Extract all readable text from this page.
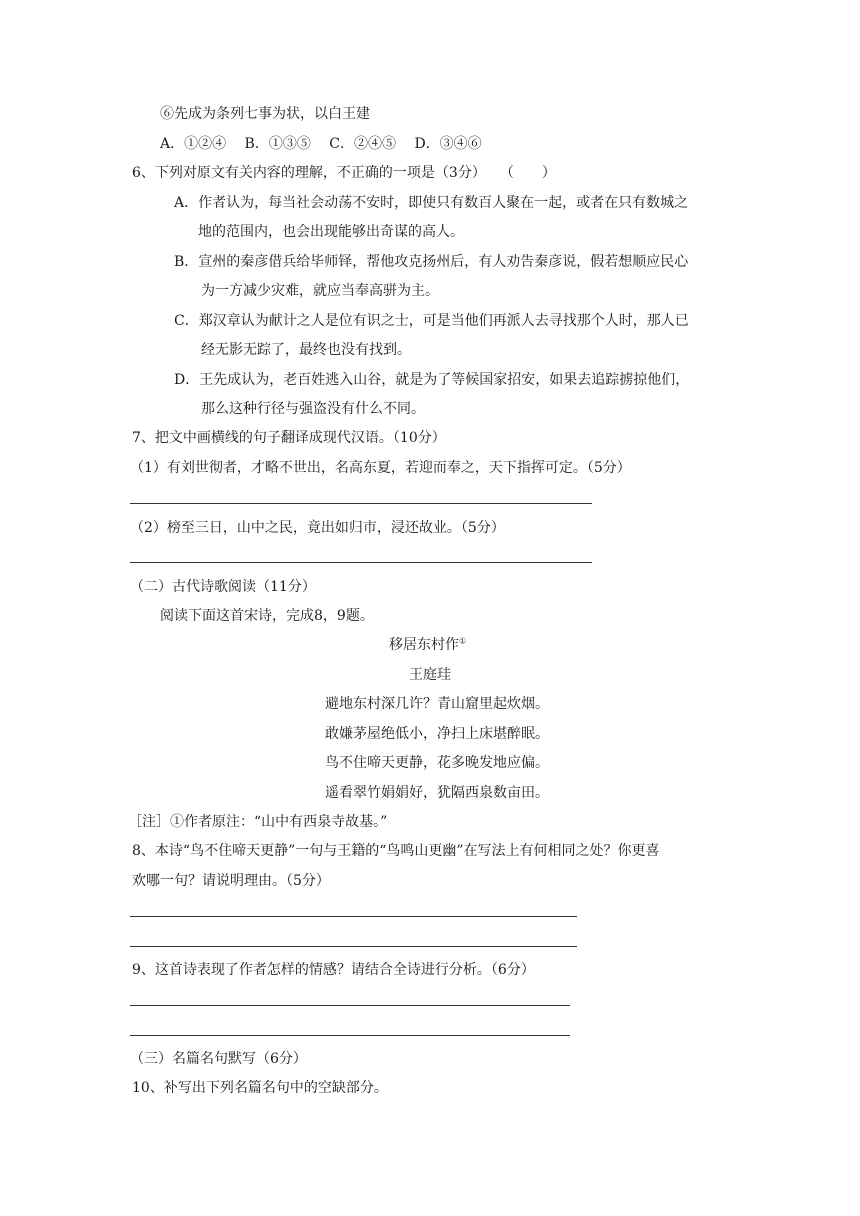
⑥先成为条列七事为状，以白王建
A．①②④　 B．①③⑤　 C．②④⑤　 D．③④⑥
6、下列对原文有关内容的理解，不正确的一项是（3分）　　（　　）
A．作者认为，每当社会动荡不安时，即使只有数百人聚在一起，或者在只有数城之
地的范围内，也会出现能够出奇谋的高人。
B．宣州的秦彦借兵给毕师铎，帮他攻克扬州后，有人劝告秦彦说，假若想顺应民心
为一方减少灾难，就应当奉高骈为主。
C．郑汉章认为献计之人是位有识之士，可是当他们再派人去寻找那个人时，那人已
经无影无踪了，最终也没有找到。
D．王先成认为，老百姓逃入山谷，就是为了等候国家招安，如果去追踪掳掠他们，
那么这种行径与强盗没有什么不同。
7、把文中画横线的句子翻译成现代汉语。（10分）
（1）有刘世彻者，才略不世出，名高东夏，若迎而奉之，天下指挥可定。（5分）
（2）榜至三日，山中之民，竟出如归市，浸还故业。（5分）
（二）古代诗歌阅读（11分）
阅读下面这首宋诗，完成8，9题。
移居东村作①
王庭珪
避地东村深几许？青山窟里起炊烟。
敢嫌茅屋绝低小，净扫上床堪醉眠。
鸟不住啼天更静，花多晚发地应偏。
遥看翠竹娟娟好，犹隔西泉数亩田。
［注］①作者原注：“山中有西泉寺故基。”
8、本诗“鸟不住啼天更静”一句与王籍的“鸟鸣山更幽”在写法上有何相同之处？你更喜
欢哪一句？请说明理由。（5分）
9、这首诗表现了作者怎样的情感？请结合全诗进行分析。（6分）
（三）名篇名句默写（6分）
10、补写出下列名篇名句中的空缺部分。
